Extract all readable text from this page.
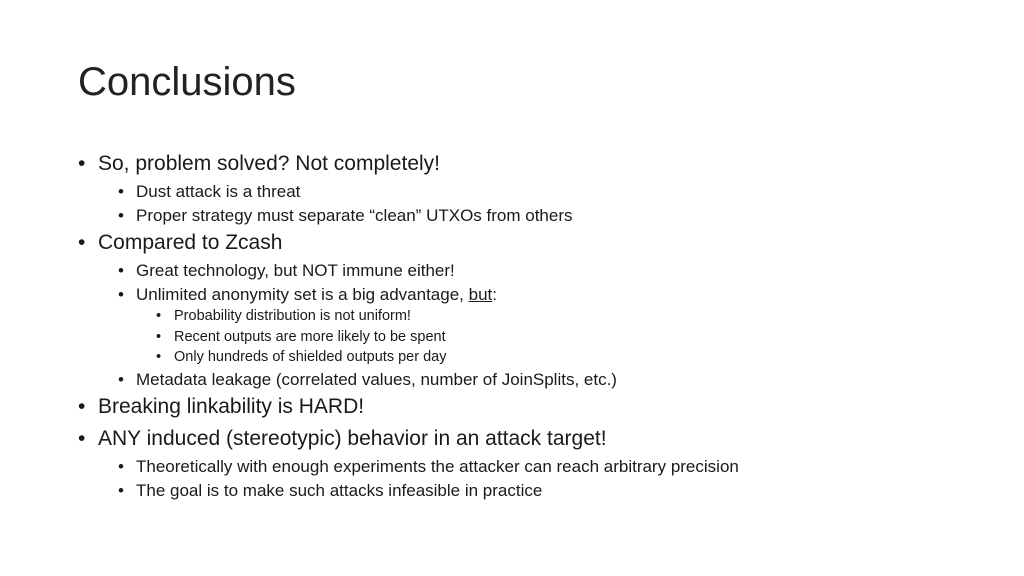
Conclusions
• So, problem solved? Not completely!
• Dust attack is a threat
• Proper strategy must separate “clean” UTXOs from others
• Compared to Zcash
• Great technology, but NOT immune either!
• Unlimited anonymity set is a big advantage, but:
• Probability distribution is not uniform!
• Recent outputs are more likely to be spent
• Only hundreds of shielded outputs per day
• Metadata leakage (correlated values, number of JoinSplits, etc.)
• Breaking linkability is HARD!
• ANY induced (stereotypic) behavior in an attack target!
• Theoretically with enough experiments the attacker can reach arbitrary precision
• The goal is to make such attacks infeasible in practice
